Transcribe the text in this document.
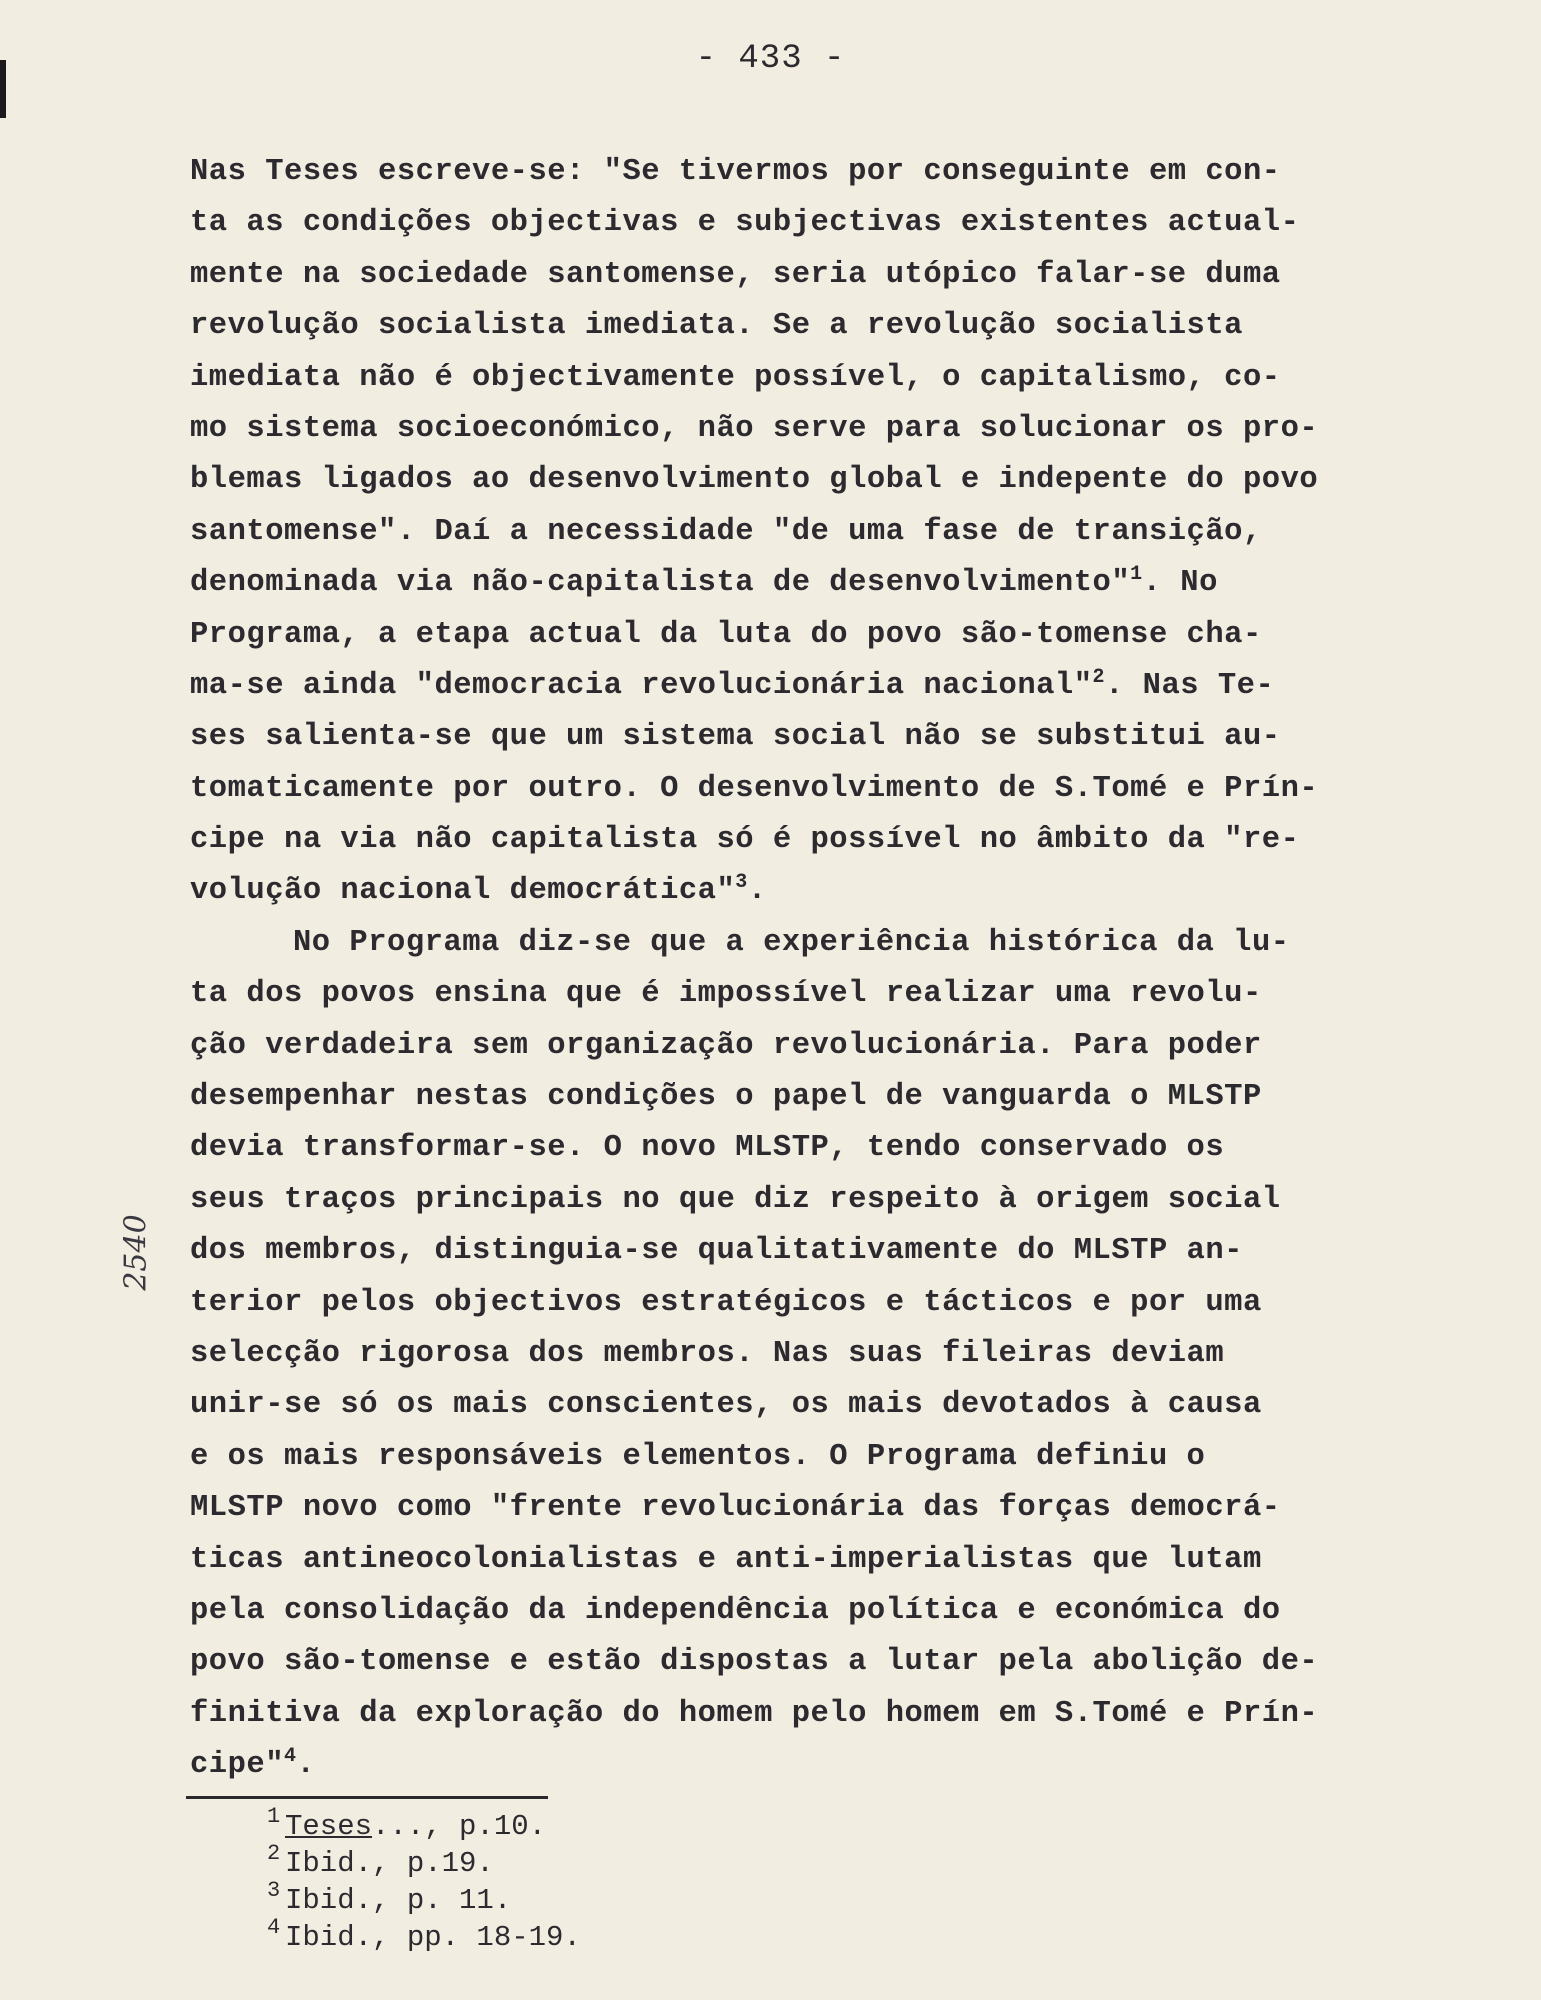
- 433 -
2540
Nas Teses escreve-se: "Se tivermos por conseguinte em con-
ta as condições objectivas e subjectivas existentes actual-
mente na sociedade santomense, seria utópico falar-se duma
revolução socialista imediata. Se a revolução socialista
imediata não é objectivamente possível, o capitalismo, co-
mo sistema socioeconómico, não serve para solucionar os pro-
blemas ligados ao desenvolvimento global e indepente do povo
santomense". Daí a necessidade "de uma fase de transição,
denominada via não-capitalista de desenvolvimento"$^1$. No
Programa, a etapa actual da luta do povo são-tomense cha-
ma-se ainda "democracia revolucionária nacional"$^2$. Nas Te-
ses salienta-se que um sistema social não se substitui au-
tomaticamente por outro. O desenvolvimento de S.Tomé e Prín-
cipe na via não capitalista só é possível no âmbito da "re-
volução nacional democrática"$^3$.
No Programa diz-se que a experiência histórica da lu-
ta dos povos ensina que é impossível realizar uma revolu-
ção verdadeira sem organização revolucionária. Para poder
desempenhar nestas condições o papel de vanguarda o MLSTP
devia transformar-se. O novo MLSTP, tendo conservado os
seus traços principais no que diz respeito à origem social
dos membros, distinguia-se qualitativamente do MLSTP an-
terior pelos objectivos estratégicos e tácticos e por uma
selecção rigorosa dos membros. Nas suas fileiras deviam
unir-se só os mais conscientes, os mais devotados à causa
e os mais responsáveis elementos. O Programa definiu o
MLSTP novo como "frente revolucionária das forças democrá-
ticas antineocolonialistas e anti-imperialistas que lutam
pela consolidação da independência política e económica do
povo são-tomense e estão dispostas a lutar pela abolição de-
finitiva da exploração do homem pelo homem em S.Tomé e Prín-
cipe"$^4$.
1 Teses..., p.10.
2 Ibid., p.19.
3 Ibid., p. 11.
4 Ibid., pp. 18-19.
